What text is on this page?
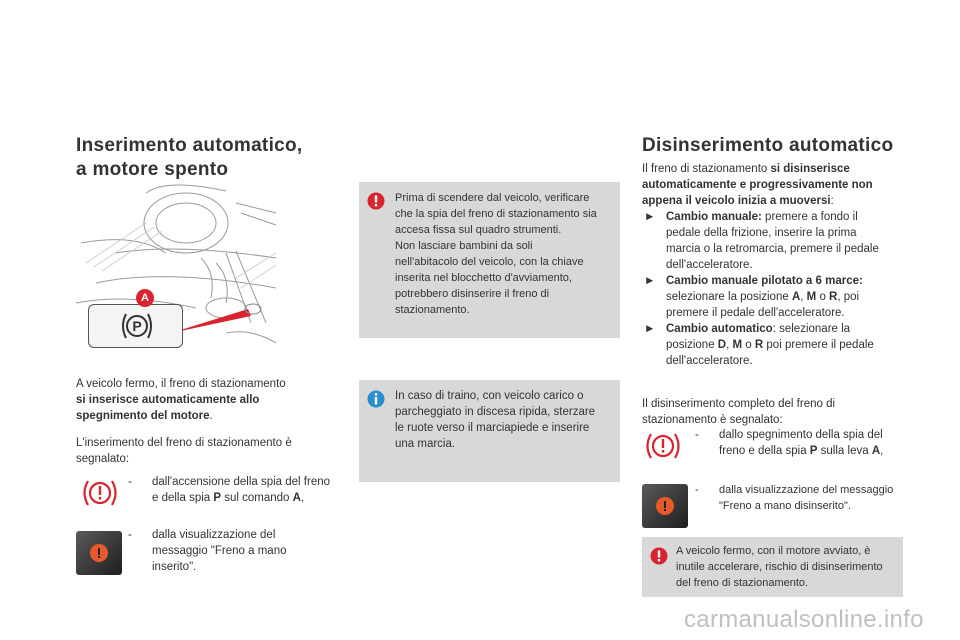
Inserimento automatico,
a motore spento
P
A
A veicolo fermo, il freno di stazionamento
si inserisce automaticamente allo
spegnimento del motore.
L'inserimento del freno di stazionamento è
segnalato:
- dall'accensione della spia del freno
e della spia P sul comando A,
- dalla visualizzazione del
messaggio "Freno a mano
inserito".
Prima di scendere dal veicolo, verificare
che la spia del freno di stazionamento sia
accesa fissa sul quadro strumenti.
Non lasciare bambini da soli
nell'abitacolo del veicolo, con la chiave
inserita nel blocchetto d'avviamento,
potrebbero disinserire il freno di
stazionamento.
In caso di traino, con veicolo carico o
parcheggiato in discesa ripida, sterzare
le ruote verso il marciapiede e inserire
una marcia.
Disinserimento automatico
Il freno di stazionamento si disinserisce
automaticamente e progressivamente non
appena il veicolo inizia a muoversi:
► Cambio manuale: premere a fondo il
pedale della frizione, inserire la prima
marcia o la retromarcia, premere il pedale
dell'acceleratore.
► Cambio manuale pilotato a 6 marce:
selezionare la posizione A, M o R, poi
premere il pedale dell'acceleratore.
► Cambio automatico: selezionare la
posizione D, M o R poi premere il pedale
dell'acceleratore.
Il disinserimento completo del freno di
stazionamento è segnalato:
- dallo spegnimento della spia del
freno e della spia P sulla leva A,
- dalla visualizzazione del messaggio
"Freno a mano disinserito".
A veicolo fermo, con il motore avviato, è
inutile accelerare, rischio di disinserimento
del freno di stazionamento.
carmanualsonline.info
